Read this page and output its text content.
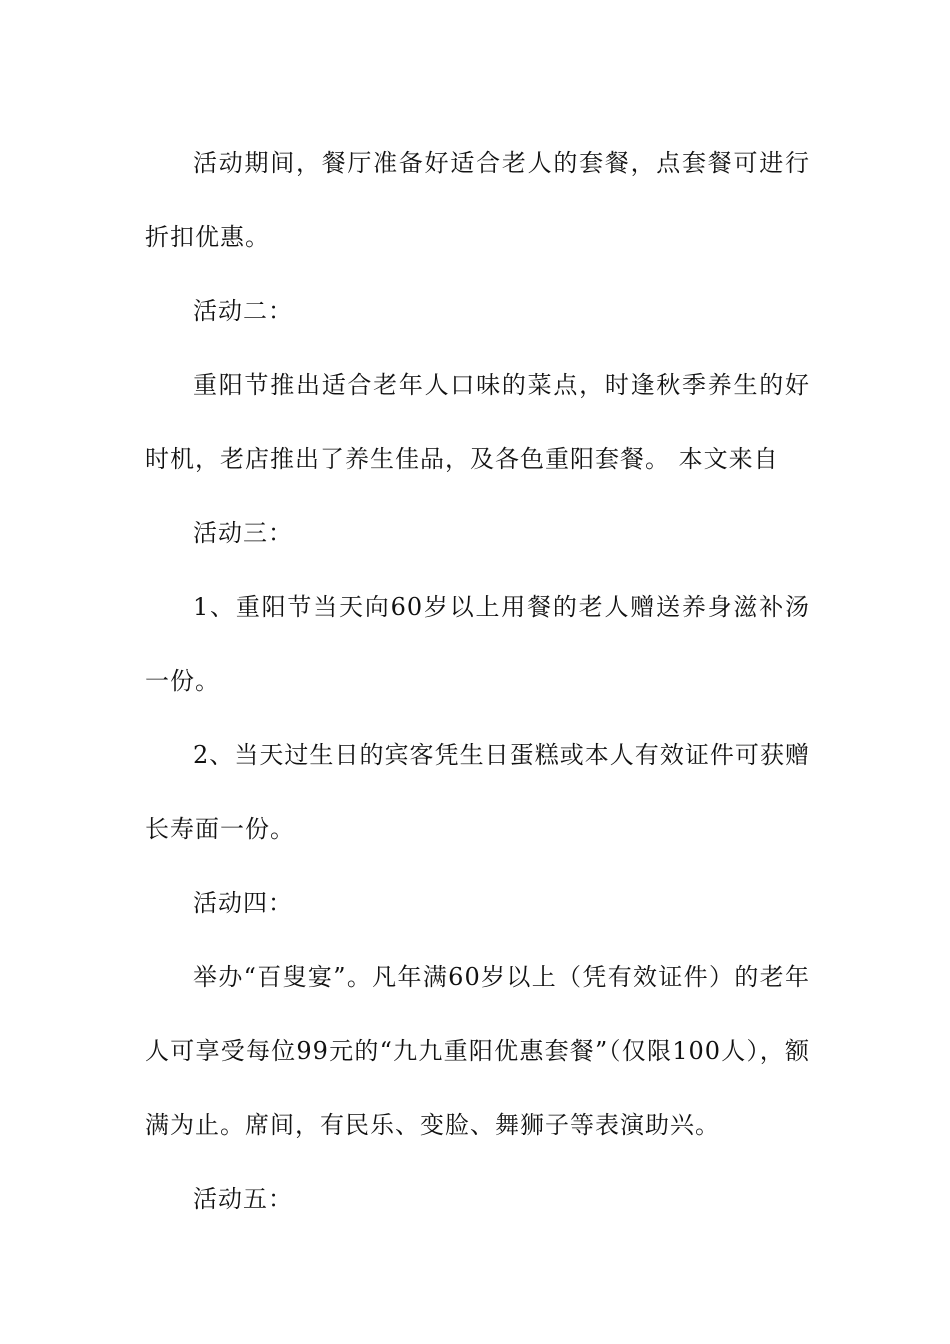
活动期间，餐厅准备好适合老人的套餐，点套餐可进行折扣优惠。

活动二：

重阳节推出适合老年人口味的菜点，时逢秋季养生的好时机，老店推出了养生佳品，及各色重阳套餐。 本文来自

活动三：

1、重阳节当天向60岁以上用餐的老人赠送养身滋补汤一份。

2、当天过生日的宾客凭生日蛋糕或本人有效证件可获赠长寿面一份。

活动四：

举办“百叟宴”。凡年满60岁以上（凭有效证件）的老年人可享受每位99元的“九九重阳优惠套餐”（仅限100人），额满为止。席间，有民乐、变脸、舞狮子等表演助兴。

活动五：
